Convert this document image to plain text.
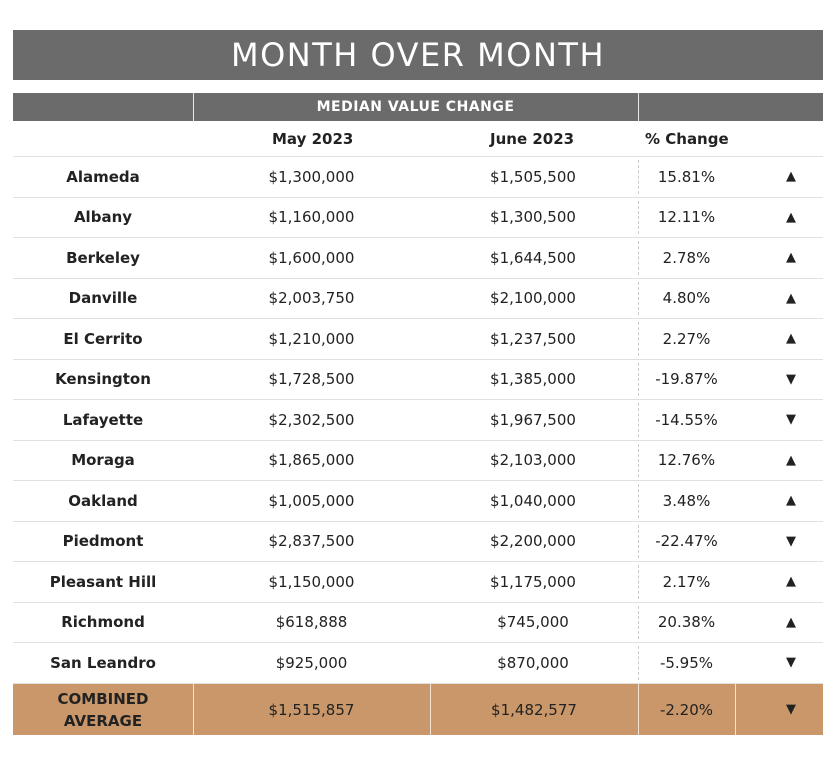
MONTH OVER MONTH
MEDIAN VALUE CHANGE
May 2023	June 2023	% Change
Alameda	$1,300,000	$1,505,500	15.81%	▲
Albany	$1,160,000	$1,300,500	12.11%	▲
Berkeley	$1,600,000	$1,644,500	2.78%	▲
Danville	$2,003,750	$2,100,000	4.80%	▲
El Cerrito	$1,210,000	$1,237,500	2.27%	▲
Kensington	$1,728,500	$1,385,000	-19.87%	▼
Lafayette	$2,302,500	$1,967,500	-14.55%	▼
Moraga	$1,865,000	$2,103,000	12.76%	▲
Oakland	$1,005,000	$1,040,000	3.48%	▲
Piedmont	$2,837,500	$2,200,000	-22.47%	▼
Pleasant Hill	$1,150,000	$1,175,000	2.17%	▲
Richmond	$618,888	$745,000	20.38%	▲
San Leandro	$925,000	$870,000	-5.95%	▼
COMBINED
AVERAGE
$1,515,857	$1,482,577	-2.20%	▼
